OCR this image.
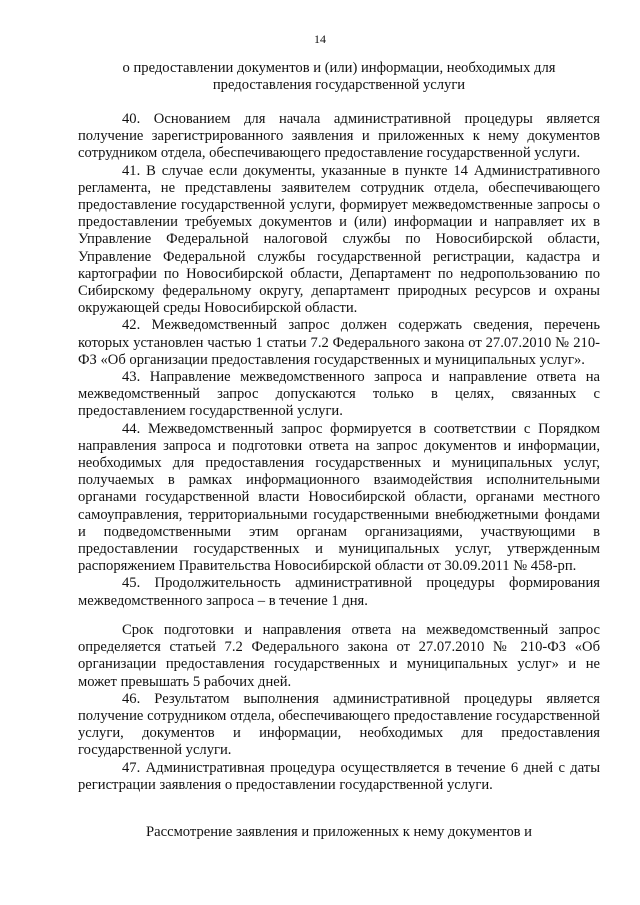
14
о предоставлении документов и (или) информации, необходимых для предоставления государственной услуги

40. Основанием для начала административной процедуры является получение зарегистрированного заявления и приложенных к нему документов сотрудником отдела, обеспечивающего предоставление государственной услуги.

41. В случае если документы, указанные в пункте 14 Административного регламента, не представлены заявителем сотрудник отдела, обеспечивающего предоставление государственной услуги, формирует межведомственные запросы о предоставлении требуемых документов и (или) информации и направляет их в Управление Федеральной налоговой службы по Новосибирской области, Управление Федеральной службы государственной регистрации, кадастра и картографии по Новосибирской области, Департамент по недропользованию по Сибирскому федеральному округу, департамент природных ресурсов и охраны окружающей среды Новосибирской области.

42. Межведомственный запрос должен содержать сведения, перечень которых установлен частью 1 статьи 7.2 Федерального закона от 27.07.2010 № 210-ФЗ «Об организации предоставления государственных и муниципальных услуг».

43. Направление межведомственного запроса и направление ответа на межведомственный запрос допускаются только в целях, связанных с предоставлением государственной услуги.

44. Межведомственный запрос формируется в соответствии с Порядком направления запроса и подготовки ответа на запрос документов и информации, необходимых для предоставления государственных и муниципальных услуг, получаемых в рамках информационного взаимодействия исполнительными органами государственной власти Новосибирской области, органами местного самоуправления, территориальными государственными внебюджетными фондами и подведомственными этим органам организациями, участвующими в предоставлении государственных и муниципальных услуг, утвержденным распоряжением Правительства Новосибирской области от 30.09.2011 № 458-рп.

45. Продолжительность административной процедуры формирования межведомственного запроса – в течение 1 дня.

Срок подготовки и направления ответа на межведомственный запрос определяется статьей 7.2 Федерального закона от 27.07.2010 № 210-ФЗ «Об организации предоставления государственных и муниципальных услуг» и не может превышать 5 рабочих дней.

46. Результатом выполнения административной процедуры является получение сотрудником отдела, обеспечивающего предоставление государственной услуги, документов и информации, необходимых для предоставления государственной услуги.

47. Административная процедура осуществляется в течение 6 дней с даты регистрации заявления о предоставлении государственной услуги.

Рассмотрение заявления и приложенных к нему документов и
